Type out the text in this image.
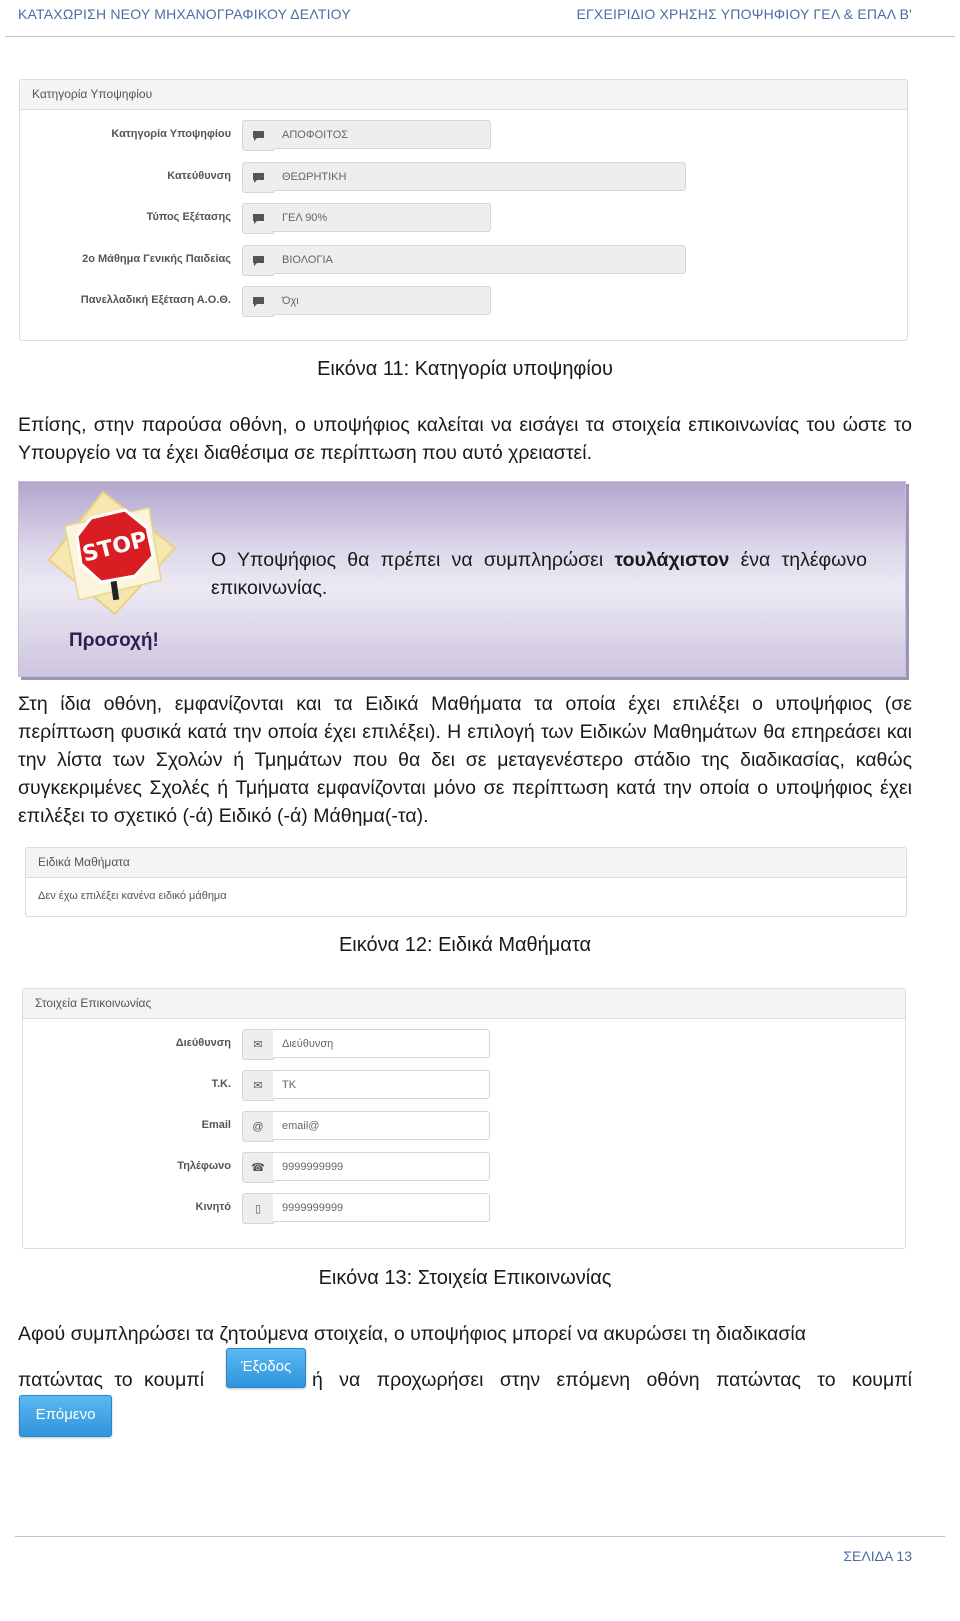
ΚΑΤΑΧΩΡΙΣΗ ΝΕΟΥ ΜΗΧΑΝΟΓΡΑΦΙΚΟΥ ΔΕΛΤΙΟΥ	ΕΓΧΕΙΡΙΔΙΟ ΧΡΗΣΗΣ ΥΠΟΨΗΦΙΟΥ ΓΕΛ & ΕΠΑΛ Β'
Κατηγορία Υποψηφίου
Κατηγορία Υποψηφίου	ΑΠΟΦΟΙΤΟΣ
Κατεύθυνση	ΘΕΩΡΗΤΙΚΗ
Τύπος Εξέτασης	ΓΕΛ 90%
2ο Μάθημα Γενικής Παιδείας	ΒΙΟΛΟΓΙΑ
Πανελλαδική Εξέταση Α.Ο.Θ.	Όχι
Εικόνα 11: Κατηγορία υποψηφίου
Επίσης, στην παρούσα οθόνη, ο υποψήφιος καλείται να εισάγει τα στοιχεία επικοινωνίας του ώστε το Υπουργείο να τα έχει διαθέσιμα σε περίπτωση που αυτό χρειαστεί.
STOP	Ο Υποψήφιος θα πρέπει να συμπληρώσει τουλάχιστον ένα τηλέφωνο επικοινωνίας.
Προσοχή!
Στη ίδια οθόνη, εμφανίζονται και τα Ειδικά Μαθήματα τα οποία έχει επιλέξει ο υποψήφιος (σε περίπτωση φυσικά κατά την οποία έχει επιλέξει). Η επιλογή των Ειδικών Μαθημάτων θα επηρεάσει και την λίστα των Σχολών ή Τμημάτων που θα δει σε μεταγενέστερο στάδιο της διαδικασίας, καθώς συγκεκριμένες Σχολές ή Τμήματα εμφανίζονται μόνο σε περίπτωση κατά την οποία ο υποψήφιος έχει επιλέξει το σχετικό (-ά) Ειδικό (-ά) Μάθημα(-τα).
Ειδικά Μαθήματα
Δεν έχω επιλέξει κανένα ειδικό μάθημα
Εικόνα 12: Ειδικά Μαθήματα
Στοιχεία Επικοινωνίας
Διεύθυνση	✉	Διεύθυνση
T.K.	✉	TK
Email	@	email@
Τηλέφωνο	☎	9999999999
Κινητό	▯	9999999999
Εικόνα 13: Στοιχεία Επικοινωνίας
Αφού συμπληρώσει τα ζητούμενα στοιχεία, ο υποψήφιος μπορεί να ακυρώσει τη διαδικασία
πατώντας το κουμπί
Έξοδος
ή να προχωρήσει στην επόμενη οθόνη πατώντας το κουμπί
Επόμενο
ΣΕΛΙΔΑ 13
